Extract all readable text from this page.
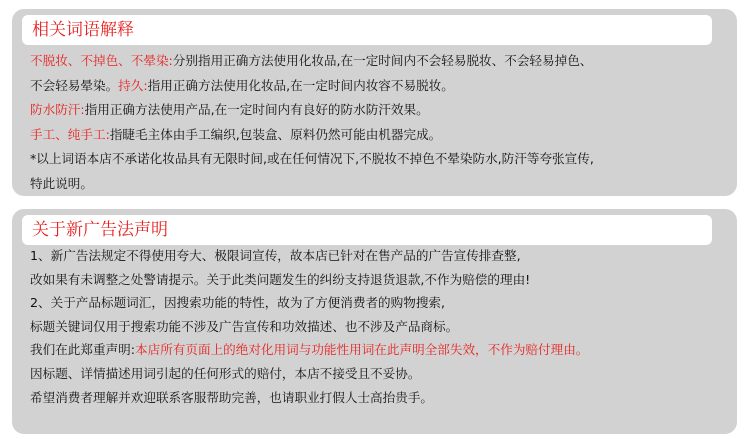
相关词语解释
不脱妆、不掉色、不晕染:分别指用正确方法使用化妆品,在一定时间内不会轻易脱妆、不会轻易掉色、
不会轻易晕染。持久:指用正确方法使用化妆品,在一定时间内妆容不易脱妆。
防水防汗:指用正确方法使用产品,在一定时间内有良好的防水防汗效果。
手工、纯手工:指睫毛主体由手工编织,包装盒、原料仍然可能由机器完成。
*以上词语本店不承诺化妆品具有无限时间,或在任何情况下,不脱妆不掉色不晕染防水,防汗等夸张宣传,
特此说明。
关于新广告法声明
1、新广告法规定不得使用夸大、极限词宣传，故本店已针对在售产品的广告宣传排查整,
改如果有未调整之处警请提示。关于此类问题发生的纠纷支持退货退款,不作为赔偿的理由!
2、关于产品标题词汇，因搜索功能的特性，故为了方便消费者的购物搜索,
标题关键词仅用于搜索功能不涉及广告宣传和功效描述、也不涉及产品商标。
我们在此郑重声明:本店所有页面上的绝对化用词与功能性用词在此声明全部失效，不作为赔付理由。
因标题、详情描述用词引起的任何形式的赔付，本店不接受且不妥协。
希望消费者理解并欢迎联系客服帮助完善，也请职业打假人士高抬贵手。
